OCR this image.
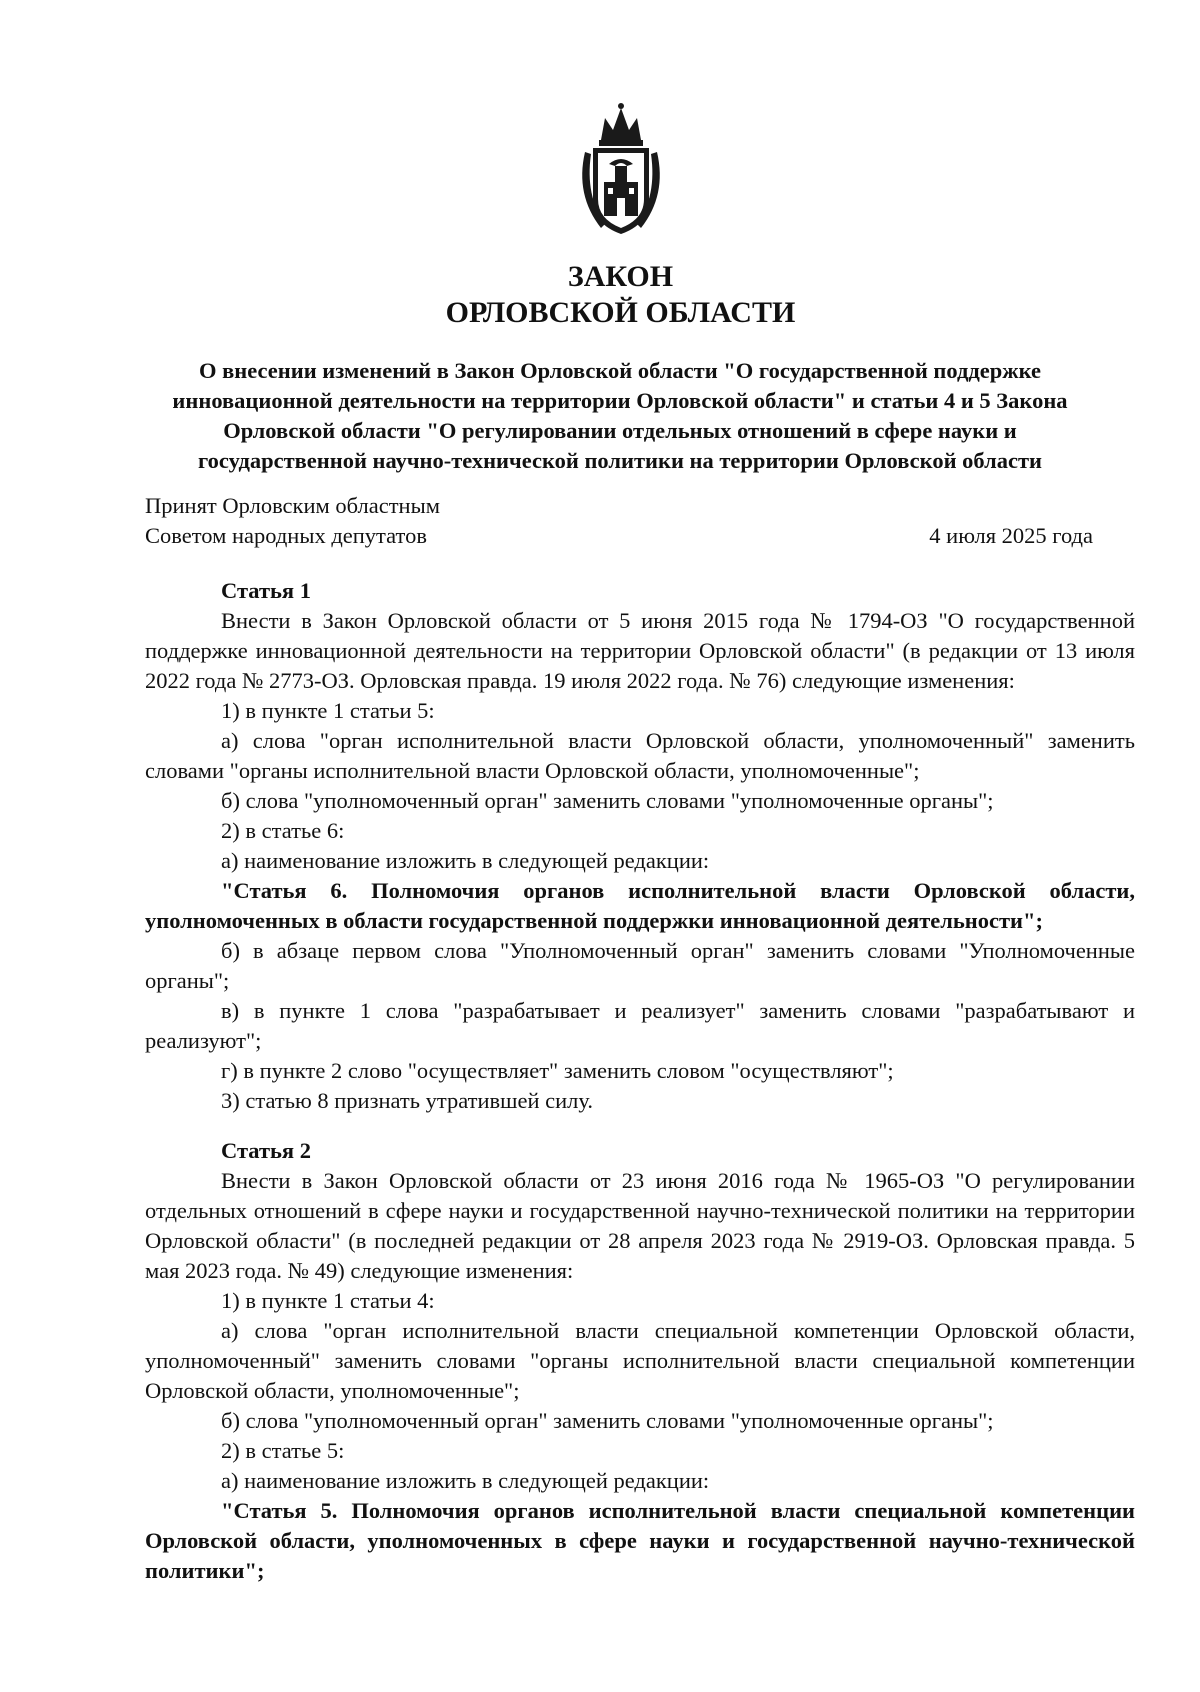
ЗАКОН
ОРЛОВСКОЙ ОБЛАСТИ
О внесении изменений в Закон Орловской области "О государственной поддержке инновационной деятельности на территории Орловской области" и статьи 4 и 5 Закона Орловской области "О регулировании отдельных отношений в сфере науки и государственной научно-технической политики на территории Орловской области
Принят Орловским областным
Советом народных депутатов	4 июля 2025 года

Статья 1

Внести в Закон Орловской области от 5 июня 2015 года № 1794-ОЗ "О государственной поддержке инновационной деятельности на территории Орловской области" (в редакции от 13 июля 2022 года № 2773-ОЗ. Орловская правда. 19 июля 2022 года. № 76) следующие изменения:

1) в пункте 1 статьи 5:

а) слова "орган исполнительной власти Орловской области, уполномоченный" заменить словами "органы исполнительной власти Орловской области, уполномоченные";

б) слова "уполномоченный орган" заменить словами "уполномоченные органы";

2) в статье 6:

а) наименование изложить в следующей редакции:

"Статья 6. Полномочия органов исполнительной власти Орловской области, уполномоченных в области государственной поддержки инновационной деятельности";

б) в абзаце первом слова "Уполномоченный орган" заменить словами "Уполномоченные органы";

в) в пункте 1 слова "разрабатывает и реализует" заменить словами "разрабатывают и реализуют";

г) в пункте 2 слово "осуществляет" заменить словом "осуществляют";

3) статью 8 признать утратившей силу.

Статья 2

Внести в Закон Орловской области от 23 июня 2016 года № 1965-ОЗ "О регулировании отдельных отношений в сфере науки и государственной научно-технической политики на территории Орловской области" (в последней редакции от 28 апреля 2023 года № 2919-ОЗ. Орловская правда. 5 мая 2023 года. № 49) следующие изменения:

1) в пункте 1 статьи 4:

а) слова "орган исполнительной власти специальной компетенции Орловской области, уполномоченный" заменить словами "органы исполнительной власти специальной компетенции Орловской области, уполномоченные";

б) слова "уполномоченный орган" заменить словами "уполномоченные органы";

2) в статье 5:

а) наименование изложить в следующей редакции:

"Статья 5. Полномочия органов исполнительной власти специальной компетенции Орловской области, уполномоченных в сфере науки и государственной научно-технической политики";
